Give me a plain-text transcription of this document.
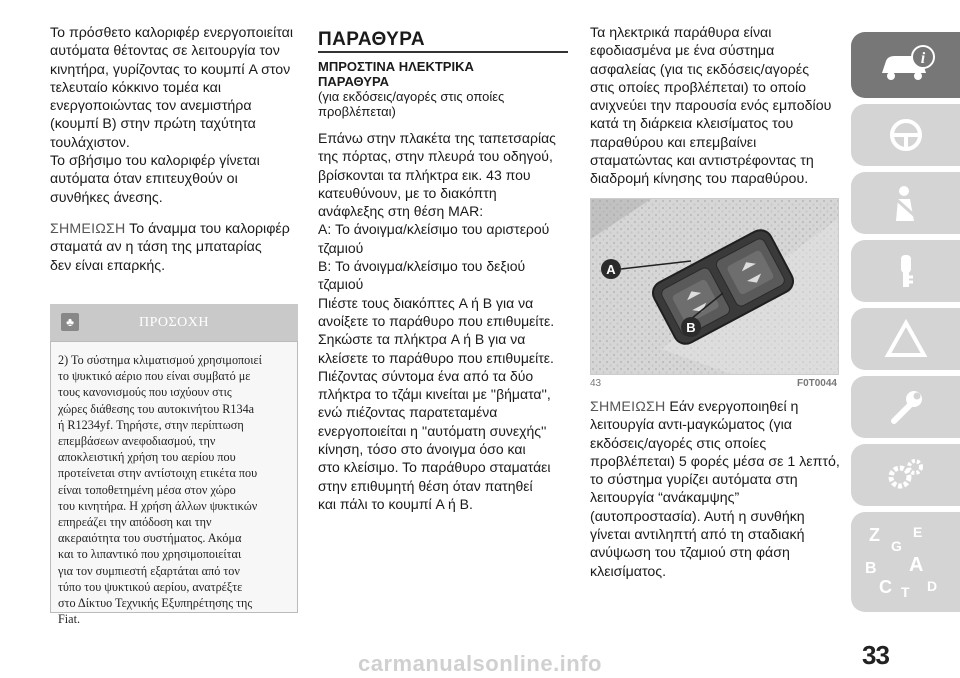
Το πρόσθετο καλοριφέρ ενεργοποιείται
αυτόματα θέτοντας σε λειτουργία τον
κινητήρα, γυρίζοντας το κουμπί A στον
τελευταίο κόκκινο τομέα και
ενεργοποιώντας τον ανεμιστήρα
(κουμπί B) στην πρώτη ταχύτητα
τουλάχιστον.
Το σβήσιμο του καλοριφέρ γίνεται
αυτόματα όταν επιτευχθούν οι
συνθήκες άνεσης.
ΣΗΜΕΙΩΣΗ Το άναμμα του καλοριφέρ
σταματά αν η τάση της μπαταρίας
δεν είναι επαρκής.
♣	ΠΡΟΣΟΧΗ
2) Το σύστημα κλιματισμού χρησιμοποιεί
το ψυκτικό αέριο που είναι συμβατό με
τους κανονισμούς που ισχύουν στις
χώρες διάθεσης του αυτοκινήτου R134a
ή R1234yf. Τηρήστε, στην περίπτωση
επεμβάσεων ανεφοδιασμού, την
αποκλειστική χρήση του αερίου που
προτείνεται στην αντίστοιχη ετικέτα που
είναι τοποθετημένη μέσα στον χώρο
του κινητήρα. Η χρήση άλλων ψυκτικών
επηρεάζει την απόδοση και την
ακεραιότητα του συστήματος. Ακόμα
και το λιπαντικό που χρησιμοποιείται
για τον συμπιεστή εξαρτάται από τον
τύπο του ψυκτικού αερίου, ανατρέξτε
στο Δίκτυο Τεχνικής Εξυπηρέτησης της
Fiat.
ΠΑΡΑΘΥΡΑ
ΜΠΡΟΣΤΙΝΑ ΗΛΕΚΤΡΙΚΑ
ΠΑΡΑΘΥΡΑ
(για εκδόσεις/αγορές στις οποίες
προβλέπεται)
Επάνω στην πλακέτα της ταπετσαρίας
της πόρτας, στην πλευρά του οδηγού,
βρίσκονται τα πλήκτρα εικ. 43 που
κατευθύνουν, με το διακόπτη
ανάφλεξης στη θέση MAR:
A: Το άνοιγμα/κλείσιμο του αριστερού
τζαμιού
B: Το άνοιγμα/κλείσιμο του δεξιού
τζαμιού
Πιέστε τους διακόπτες A ή B για να
ανοίξετε το παράθυρο που επιθυμείτε.
Σηκώστε τα πλήκτρα A ή B για να
κλείσετε το παράθυρο που επιθυμείτε.
Πιέζοντας σύντομα ένα από τα δύο
πλήκτρα το τζάμι κινείται με ''βήματα'',
ενώ πιέζοντας παρατεταμένα
ενεργοποιείται η ''αυτόματη συνεχής''
κίνηση, τόσο στο άνοιγμα όσο και
στο κλείσιμο. Το παράθυρο σταματάει
στην επιθυμητή θέση όταν πατηθεί
και πάλι το κουμπί A ή B.
Τα ηλεκτρικά παράθυρα είναι
εφοδιασμένα με ένα σύστημα
ασφαλείας (για τις εκδόσεις/αγορές
στις οποίες προβλέπεται) το οποίο
ανιχνεύει την παρουσία ενός εμποδίου
κατά τη διάρκεια κλεισίματος του
παραθύρου και επεμβαίνει
σταματώντας και αντιστρέφοντας τη
διαδρομή κίνησης του παραθύρου.
A
B
43	F0T0044
ΣΗΜΕΙΩΣΗ Εάν ενεργοποιηθεί η
λειτουργία αντι-μαγκώματος (για
εκδόσεις/αγορές στις οποίες
προβλέπεται) 5 φορές μέσα σε 1 λεπτό,
το σύστημα γυρίζει αυτόματα στη
λειτουργία “ανάκαμψης”
(αυτοπροστασία). Αυτή η συνθήκη
γίνεται αντιληπτή από τη σταδιακή
ανύψωση του τζαμιού στη φάση
κλεισίματος.
i
Z E
G
B A
C T D
33
carmanualsonline.info
